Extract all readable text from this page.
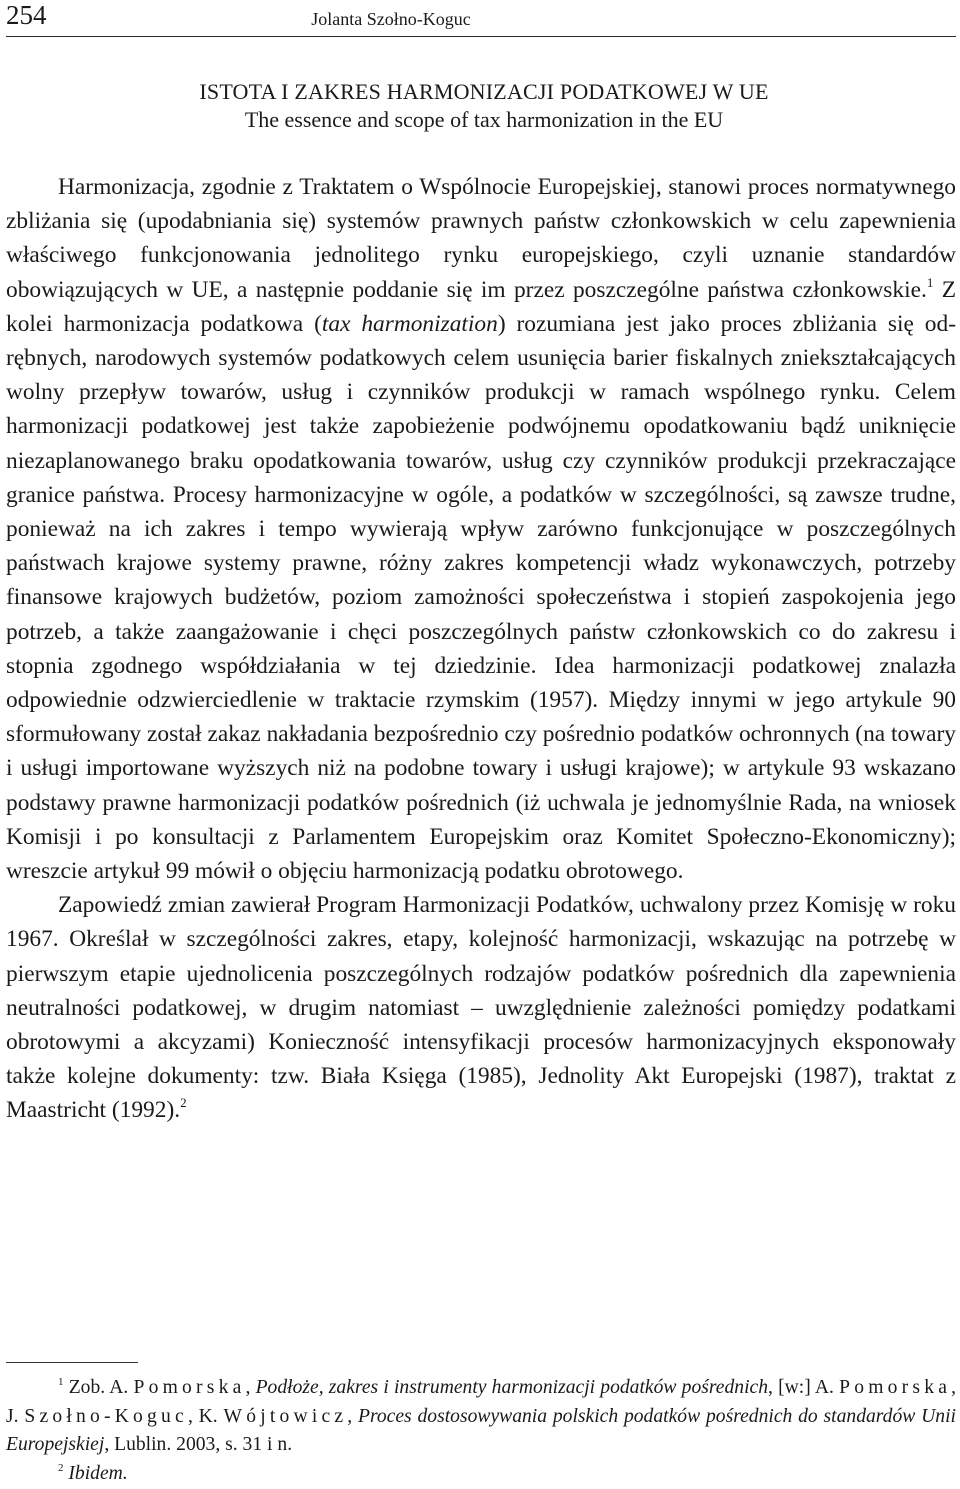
254	Jolanta Szołno-Koguc
ISTOTA I ZAKRES HARMONIZACJI PODATKOWEJ W UE
The essence and scope of tax harmonization in the EU

Harmonizacja, zgodnie z Traktatem o Wspólnocie Europejskiej, stanowi proces normatywnego zbliżania się (upodabniania się) systemów prawnych państw członkowskich w celu zapewnienia właściwego funkcjonowania jednolitego rynku europejskiego, czyli uznanie standardów obowiązujących w UE, a następnie poddanie się im przez poszczególne państwa członkowskie.$^1$ Z kolei harmonizacja podatkowa (tax harmonization) rozumiana jest jako proces zbliżania się odrębnych, narodowych systemów podatkowych celem usunięcia barier fiskalnych zniekształcających wolny przepływ towarów, usług i czynników produkcji w ramach wspólnego rynku. Celem harmonizacji podatkowej jest także zapobieżenie podwójnemu opodatkowaniu bądź uniknięcie niezaplanowanego braku opodatkowania towarów, usług czy czynników produkcji przekraczające granice państwa. Procesy harmonizacyjne w ogóle, a podatków w szczególności, są zawsze trudne, ponieważ na ich zakres i tempo wywierają wpływ zarówno funkcjonujące w poszczególnych państwach krajowe systemy prawne, różny zakres kompetencji władz wykonawczych, potrzeby finansowe krajowych budżetów, poziom zamożności społeczeństwa i stopień zaspokojenia jego potrzeb, a także zaangażowanie i chęci poszczególnych państw członkowskich co do zakresu i stopnia zgodnego współdziałania w tej dziedzinie. Idea harmonizacji podatkowej znalazła odpowiednie odzwierciedlenie w traktacie rzymskim (1957). Między innymi w jego artykule 90 sformułowany został zakaz nakładania bezpośrednio czy pośrednio podatków ochronnych (na towary i usługi importowane wyższych niż na podobne towary i usługi krajowe); w artykule 93 wskazano podstawy prawne harmonizacji podatków pośrednich (iż uchwala je jednomyślnie Rada, na wniosek Komisji i po konsultacji z Parlamentem Europejskim oraz Komitet Społeczno-Ekonomiczny); wreszcie artykuł 99 mówił o objęciu harmonizacją podatku obrotowego.

Zapowiedź zmian zawierał Program Harmonizacji Podatków, uchwalony przez Komisję w roku 1967. Określał w szczególności zakres, etapy, kolejność harmonizacji, wskazując na potrzebę w pierwszym etapie ujednolicenia poszczególnych rodzajów podatków pośrednich dla zapewnienia neutralności podatkowej, w drugim natomiast – uwzględnienie zależności pomiędzy podatkami obrotowymi a akcyzami) Konieczność intensyfikacji procesów harmonizacyjnych eksponowały także kolejne dokumenty: tzw. Biała Księga (1985), Jednolity Akt Europejski (1987), traktat z Maastricht (1992).$^2$

$^1$ Zob. A. Pomorska, Podłoże, zakres i instrumenty harmonizacji podatków pośrednich, [w:] A. Pomorska, J. Szołno-Koguc, K. Wójtowicz, Proces dostosowywania polskich podatków pośrednich do standardów Unii Europejskiej, Lublin. 2003, s. 31 i n.

$^2$ Ibidem.
